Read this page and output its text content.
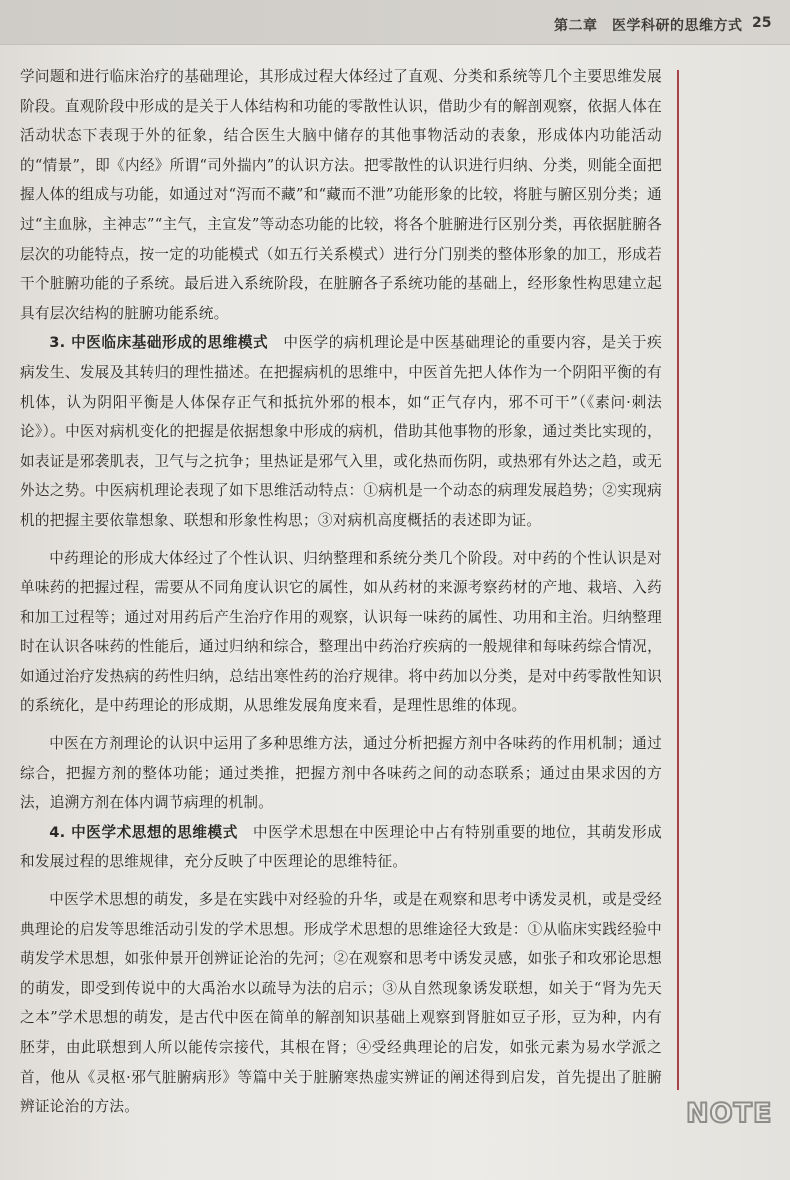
第二章　医学科研的思维方式 25

学问题和进行临床治疗的基础理论，其形成过程大体经过了直观、分类和系统等几个主要思维发展阶段。直观阶段中形成的是关于人体结构和功能的零散性认识，借助少有的解剖观察，依据人体在活动状态下表现于外的征象，结合医生大脑中储存的其他事物活动的表象，形成体内功能活动的“情景”，即《内经》所谓“司外揣内”的认识方法。把零散性的认识进行归纳、分类，则能全面把握人体的组成与功能，如通过对“泻而不藏”和“藏而不泄”功能形象的比较，将脏与腑区别分类；通过“主血脉，主神志”“主气，主宣发”等动态功能的比较，将各个脏腑进行区别分类，再依据脏腑各层次的功能特点，按一定的功能模式（如五行关系模式）进行分门别类的整体形象的加工，形成若干个脏腑功能的子系统。最后进入系统阶段，在脏腑各子系统功能的基础上，经形象性构思建立起具有层次结构的脏腑功能系统。

3. 中医临床基础形成的思维模式　 中医学的病机理论是中医基础理论的重要内容，是关于疾病发生、发展及其转归的理性描述。在把握病机的思维中，中医首先把人体作为一个阴阳平衡的有机体，认为阴阳平衡是人体保存正气和抵抗外邪的根本，如“正气存内，邪不可干”（《素问·刺法论》）。中医对病机变化的把握是依据想象中形成的病机，借助其他事物的形象，通过类比实现的，如表证是邪袭肌表，卫气与之抗争；里热证是邪气入里，或化热而伤阴，或热邪有外达之趋，或无外达之势。中医病机理论表现了如下思维活动特点：①病机是一个动态的病理发展趋势；②实现病机的把握主要依靠想象、联想和形象性构思；③对病机高度概括的表述即为证。

中药理论的形成大体经过了个性认识、归纳整理和系统分类几个阶段。对中药的个性认识是对单味药的把握过程，需要从不同角度认识它的属性，如从药材的来源考察药材的产地、栽培、入药和加工过程等；通过对用药后产生治疗作用的观察，认识每一味药的属性、功用和主治。归纳整理时在认识各味药的性能后，通过归纳和综合，整理出中药治疗疾病的一般规律和每味药综合情况，如通过治疗发热病的药性归纳，总结出寒性药的治疗规律。将中药加以分类，是对中药零散性知识的系统化，是中药理论的形成期，从思维发展角度来看，是理性思维的体现。

中医在方剂理论的认识中运用了多种思维方法，通过分析把握方剂中各味药的作用机制；通过综合，把握方剂的整体功能；通过类推，把握方剂中各味药之间的动态联系；通过由果求因的方法，追溯方剂在体内调节病理的机制。

4. 中医学术思想的思维模式　 中医学术思想在中医理论中占有特别重要的地位，其萌发形成和发展过程的思维规律，充分反映了中医理论的思维特征。

中医学术思想的萌发，多是在实践中对经验的升华，或是在观察和思考中诱发灵机，或是受经典理论的启发等思维活动引发的学术思想。形成学术思想的思维途径大致是：①从临床实践经验中萌发学术思想，如张仲景开创辨证论治的先河；②在观察和思考中诱发灵感，如张子和攻邪论思想的萌发，即受到传说中的大禹治水以疏导为法的启示；③从自然现象诱发联想，如关于“肾为先天之本”学术思想的萌发，是古代中医在简单的解剖知识基础上观察到肾脏如豆子形，豆为种，内有胚芽，由此联想到人所以能传宗接代，其根在肾；④受经典理论的启发，如张元素为易水学派之首，他从《灵枢·邪气脏腑病形》等篇中关于脏腑寒热虚实辨证的阐述得到启发，首先提出了脏腑辨证论治的方法。	NOTE
